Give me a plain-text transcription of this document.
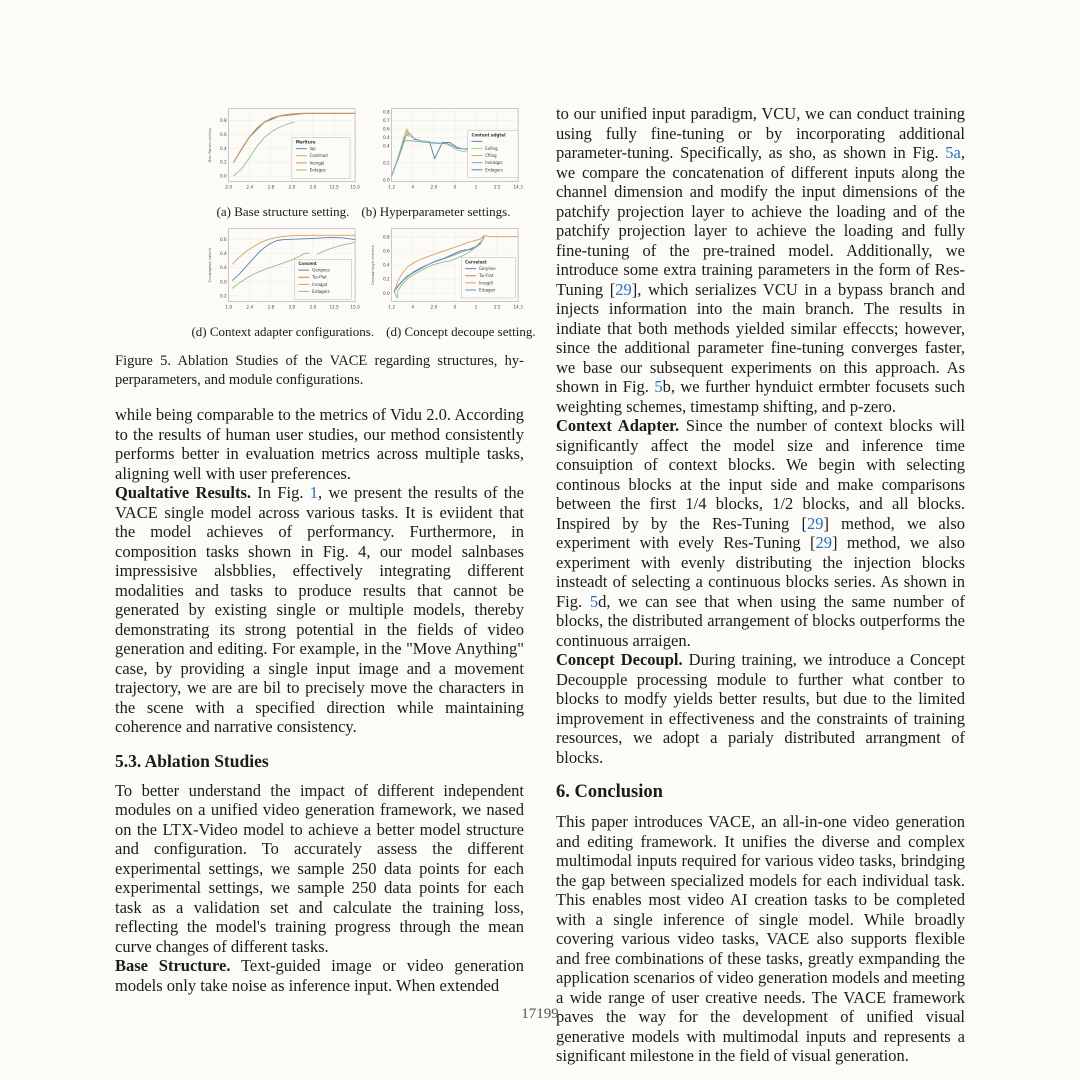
2.0	2.4	2.8	2.0	2.0	12.5	15.0
0.8
0.6
0.4
0.2
0.0
Bon Rqmis ckiting	Marlture
Iap
Contmad
Inengpl
Erdages
1.2	4	2.0	0	1	2'2	14.3
0.8
0.7
0.6
0.4
0.4
0.2
0.0
Content adgtel
Exfing
Cfling
Inoraqps
Erdagers
(a) Base structure setting. (b) Hyperparameter settings.
1.0	2.4	2.8	3.0	2.0	12.5	15.0
0.6
0.4
0.4
0.0
0.2
Conqagesd calstrs	Concent
Gerqines
Tur-Plat
Inraqpd
Erdagers
1.2	4	2.0	0	1	2'2	14.3
0.8
0.6
0.4
0.2
0.0
Cemqqntoye cilsmna	Cervelust
Gerpline
Tur-Flat
Inragdl
Erbagen
(d) Context adapter configurations. (d) Concept decoupe setting.

Figure 5. Ablation Studies of the VACE regarding structures, hy-perparameters, and module configurations.

while being comparable to the metrics of Vidu 2.0. According to the results of human user studies, our method consistently performs better in evaluation metrics across multiple tasks, aligning well with user preferences.

Qualtative Results. In Fig. 1, we present the results of the VACE single model across various tasks. It is eviident that the model achieves of performancy. Furthermore, in composition tasks shown in Fig. 4, our model salnbases impressisive alsbblies, effectively integrating different modalities and tasks to produce results that cannot be generated by existing single or multiple models, thereby demonstrating its strong potential in the fields of video generation and editing. For example, in the "Move Anything" case, by providing a single input image and a movement trajectory, we are are bil to precisely move the characters in the scene with a specified direction while maintaining coherence and narrative consistency.

5.3. Ablation Studies

To better understand the impact of different independent modules on a unified video generation framework, we nased on the LTX-Video model to achieve a better model structure and configuration. To accurately assess the different experimental settings, we sample 250 data points for each experimental settings, we sample 250 data points for each task as a validation set and calculate the training loss, reflecting the model's training progress through the mean curve changes of different tasks.

Base Structure. Text-guided image or video generation models only take noise as inference input. When extended

to our unified input paradigm, VCU, we can conduct training using fully fine-tuning or by incorporating additional parameter-tuning. Specifically, as sho, as shown in Fig. 5a, we compare the concatenation of different inputs along the channel dimension and modify the input dimensions of the patchify projection layer to achieve the loading and of the patchify projection layer to achieve the loading and fully fine-tuning of the pre-trained model. Additionally, we introduce some extra training parameters in the form of Res-Tuning [29], which serializes VCU in a bypass branch and injects information into the main branch. The results in indiate that both methods yielded similar effeccts; however, since the additional parameter fine-tuning converges faster, we base our subsequent experiments on this approach. As shown in Fig. 5b, we further hynduict ermbter focusets such weighting schemes, timestamp shifting, and p-zero.

Context Adapter. Since the number of context blocks will significantly affect the model size and inference time consuiption of context blocks. We begin with selecting continous blocks at the input side and make comparisons between the first 1/4 blocks, 1/2 blocks, and all blocks. Inspired by by the Res-Tuning [29] method, we also experiment with evely Res-Tuning [29] method, we also experiment with evenly distributing the injection blocks insteadt of selecting a continuous blocks series. As shown in Fig. 5d, we can see that when using the same number of blocks, the distributed arrangement of blocks outperforms the continuous arraigen.

Concept Decoupl. During training, we introduce a Concept Decoupple processing module to further what contber to blocks to modfy yields better results, but due to the limited improvement in effectiveness and the constraints of training resources, we adopt a parialy distributed arrangment of blocks.

6. Conclusion

This paper introduces VACE, an all-in-one video generation and editing framework. It unifies the diverse and complex multimodal inputs required for various video tasks, brindging the gap between specialized models for each individual task. This enables most video AI creation tasks to be completed with a single inference of single model. While broadly covering various video tasks, VACE also supports flexible and free combinations of these tasks, greatly exmpanding the application scenarios of video generation models and meeting a wide range of user creative needs. The VACE framework paves the way for the development of unified visual generative models with multimodal inputs and represents a significant milestone in the field of visual generation.

17199
